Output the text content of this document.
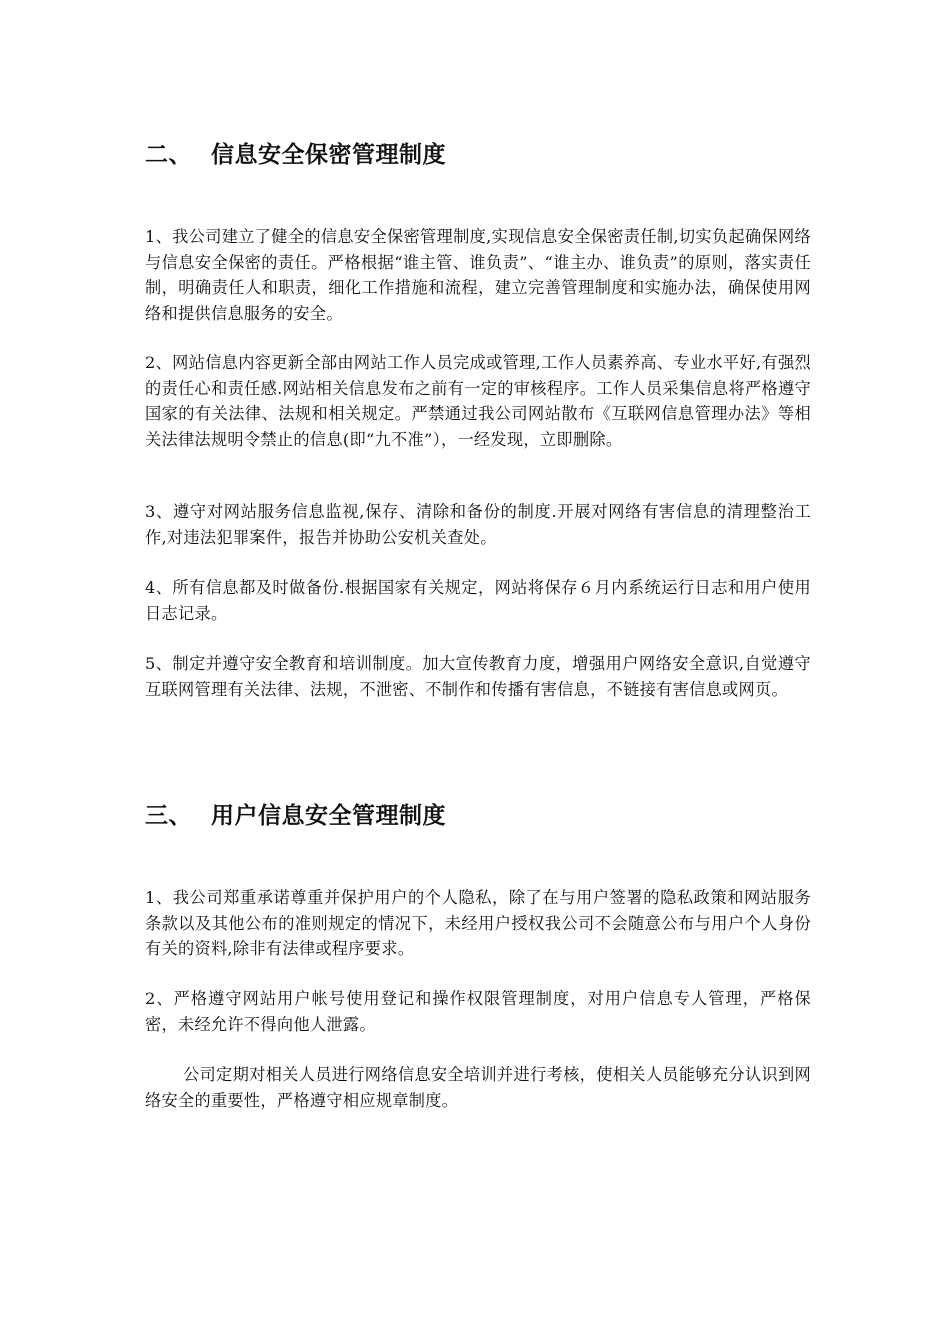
二、 信息安全保密管理制度

1、我公司建立了健全的信息安全保密管理制度,实现信息安全保密责任制,切实负起确保网络与信息安全保密的责任。严格根据“谁主管、谁负责”、“谁主办、谁负责”的原则，落实责任制，明确责任人和职责，细化工作措施和流程，建立完善管理制度和实施办法，确保使用网络和提供信息服务的安全。

2、网站信息内容更新全部由网站工作人员完成或管理,工作人员素养高、专业水平好,有强烈的责任心和责任感.网站相关信息发布之前有一定的审核程序。工作人员采集信息将严格遵守国家的有关法律、法规和相关规定。严禁通过我公司网站散布《互联网信息管理办法》等相关法律法规明令禁止的信息(即“九不准”），一经发现，立即删除。

3、遵守对网站服务信息监视,保存、清除和备份的制度.开展对网络有害信息的清理整治工作,对违法犯罪案件，报告并协助公安机关查处。

4、所有信息都及时做备份.根据国家有关规定，网站将保存６月内系统运行日志和用户使用日志记录。

5、制定并遵守安全教育和培训制度。加大宣传教育力度，增强用户网络安全意识,自觉遵守互联网管理有关法律、法规，不泄密、不制作和传播有害信息，不链接有害信息或网页。

三、 用户信息安全管理制度

1、我公司郑重承诺尊重并保护用户的个人隐私，除了在与用户签署的隐私政策和网站服务条款以及其他公布的准则规定的情况下，未经用户授权我公司不会随意公布与用户个人身份有关的资料,除非有法律或程序要求。

2、严格遵守网站用户帐号使用登记和操作权限管理制度，对用户信息专人管理，严格保密，未经允许不得向他人泄露。

公司定期对相关人员进行网络信息安全培训并进行考核，使相关人员能够充分认识到网络安全的重要性，严格遵守相应规章制度。
